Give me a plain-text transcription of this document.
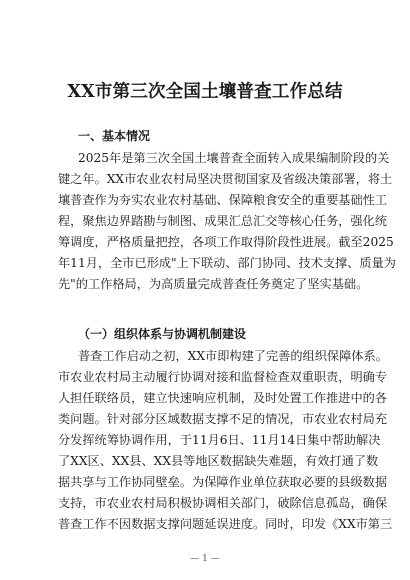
XX市第三次全国土壤普查工作总结
一、基本情况
2025年是第三次全国土壤普查全面转入成果编制阶段的关
键之年。XX市农业农村局坚决贯彻国家及省级决策部署，将土
壤普查作为夯实农业农村基础、保障粮食安全的重要基础性工
程，聚焦边界踏勘与制图、成果汇总汇交等核心任务，强化统
筹调度，严格质量把控，各项工作取得阶段性进展。截至2025
年11月，全市已形成"上下联动、部门协同、技术支撑、质量为
先"的工作格局，为高质量完成普查任务奠定了坚实基础。
（一）组织体系与协调机制建设
普查工作启动之初，XX市即构建了完善的组织保障体系。
市农业农村局主动履行协调对接和监督检查双重职责，明确专
人担任联络员，建立快速响应机制，及时处置工作推进中的各
类问题。针对部分区域数据支撑不足的情况，市农业农村局充
分发挥统筹协调作用，于11月6日、11月14日集中帮助解决
了XX区、XX县、XX县等地区数据缺失难题，有效打通了数
据共享与工作协同壁垒。为保障作业单位获取必要的县级数据
支持，市农业农村局积极协调相关部门，破除信息孤岛，确保
普查工作不因数据支撑问题延误进度。同时，印发《XX市第三
— 1 —
